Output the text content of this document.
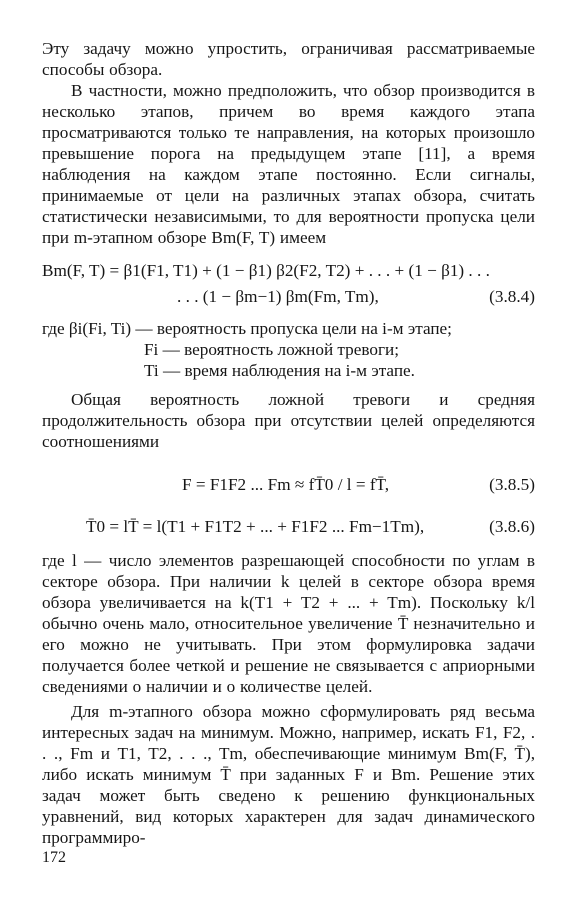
Эту задачу можно упростить, ограничивая рассматриваемые способы обзора.

В частности, можно предположить, что обзор производится в несколько этапов, причем во время каждого этапа просматриваются только те направления, на которых произошло превышение порога на предыдущем этапе [11], а время наблюдения на каждом этапе постоянно. Если сигналы, принимаемые от цели на различных этапах обзора, считать статистически независимыми, то для вероятности пропуска цели при m-этапном обзоре Bm(F, T) имеем

Bm(F, T) = β1(F1, T1) + (1 − β1) β2(F2, T2) + . . . + (1 − β1) . . .
. . . (1 − βm−1) βm(Fm, Tm),	(3.8.4)
где βi(Fi, Ti) — вероятность пропуска цели на i-м этапе;
Fi — вероятность ложной тревоги;
Ti — время наблюдения на i-м этапе.

Общая вероятность ложной тревоги и средняя продолжительность обзора при отсутствии целей определяются соотношениями

F = F1F2 ... Fm ≈ fT̄0 / l = fT̄,	(3.8.5)
T̄0 = lT̄ = l(T1 + F1T2 + ... + F1F2 ... Fm−1Tm),	(3.8.6)

где l — число элементов разрешающей способности по углам в секторе обзора. При наличии k целей в секторе обзора время обзора увеличивается на k(T1 + T2 + ... + Tm). Поскольку k/l обычно очень мало, относительное увеличение T̄ незначительно и его можно не учитывать. При этом формулировка задачи получается более четкой и решение не связывается с априорными сведениями о наличии и о количестве целей.

Для m-этапного обзора можно сформулировать ряд весьма интересных задач на минимум. Можно, например, искать F1, F2, . . ., Fm и T1, T2, . . ., Tm, обеспечивающие минимум Bm(F, T̄), либо искать минимум T̄ при заданных F и Bm. Решение этих задач может быть сведено к решению функциональных уравнений, вид которых характерен для задач динамического программиро-

172
